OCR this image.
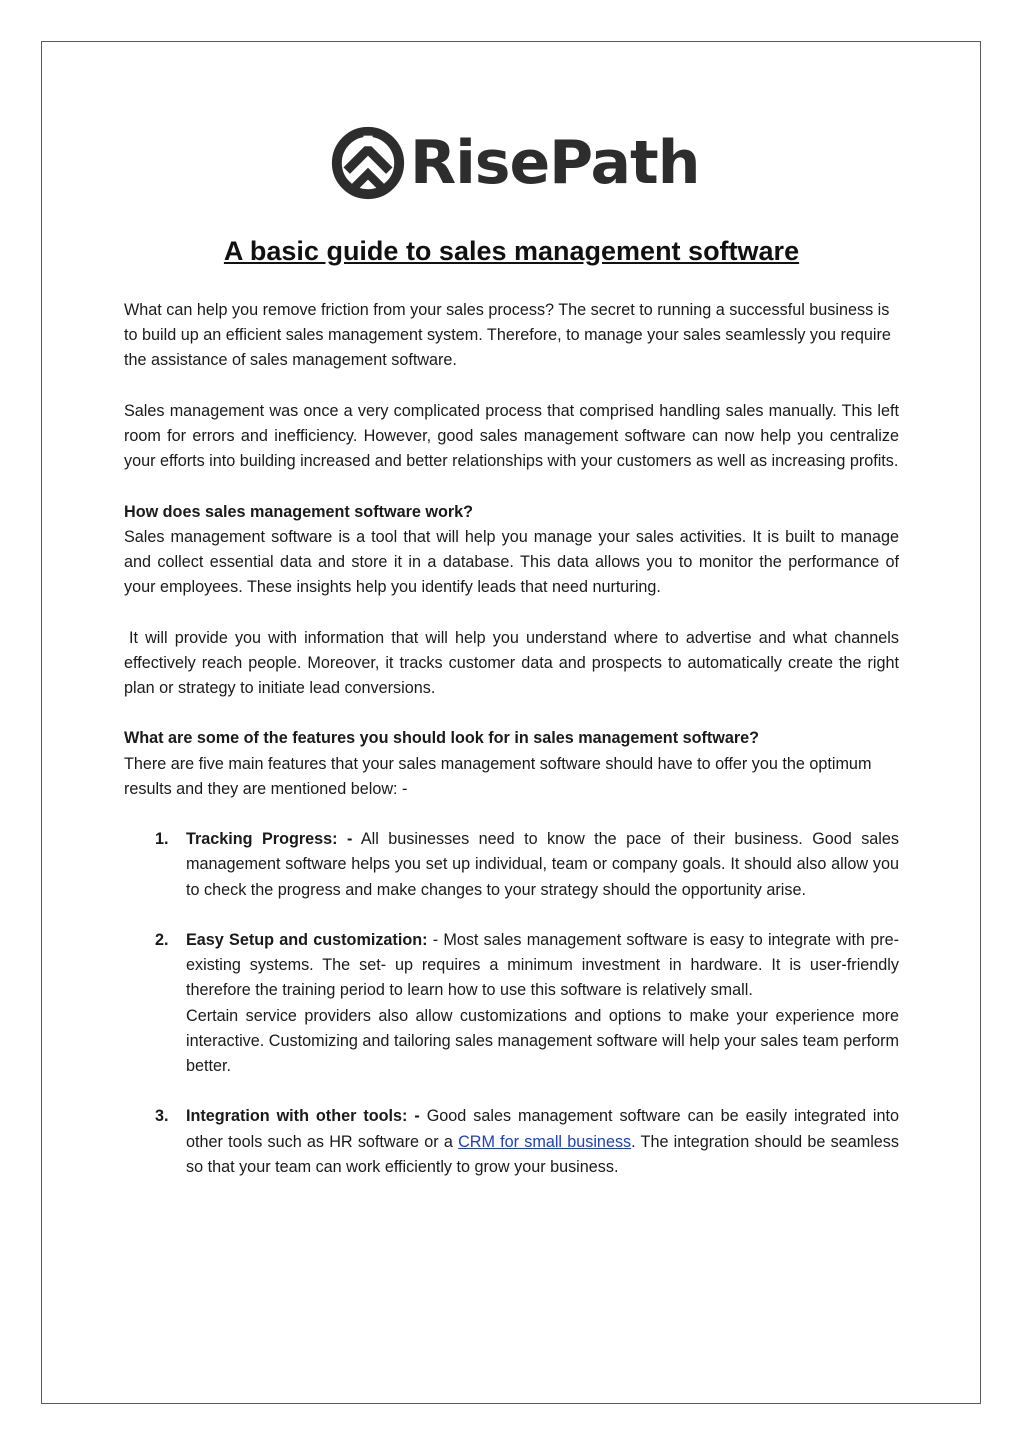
RisePath
A basic guide to sales management software

What can help you remove friction from your sales process? The secret to running a successful business is to build up an efficient sales management system. Therefore, to manage your sales seamlessly you require the assistance of sales management software.

Sales management was once a very complicated process that comprised handling sales manually. This left room for errors and inefficiency. However, good sales management software can now help you centralize your efforts into building increased and better relationships with your customers as well as increasing profits.

How does sales management software work?

Sales management software is a tool that will help you manage your sales activities. It is built to manage and collect essential data and store it in a database. This data allows you to monitor the performance of your employees. These insights help you identify leads that need nurturing.

It will provide you with information that will help you understand where to advertise and what channels effectively reach people. Moreover, it tracks customer data and prospects to automatically create the right plan or strategy to initiate lead conversions.

What are some of the features you should look for in sales management software?

There are five main features that your sales management software should have to offer you the optimum results and they are mentioned below: -

1. Tracking Progress: - All businesses need to know the pace of their business. Good sales management software helps you set up individual, team or company goals. It should also allow you to check the progress and make changes to your strategy should the opportunity arise.
2. Easy Setup and customization: - Most sales management software is easy to integrate with pre-existing systems. The set- up requires a minimum investment in hardware. It is user-friendly therefore the training period to learn how to use this software is relatively small.
Certain service providers also allow customizations and options to make your experience more interactive. Customizing and tailoring sales management software will help your sales team perform better.
3. Integration with other tools: - Good sales management software can be easily integrated into other tools such as HR software or a CRM for small business. The integration should be seamless so that your team can work efficiently to grow your business.
